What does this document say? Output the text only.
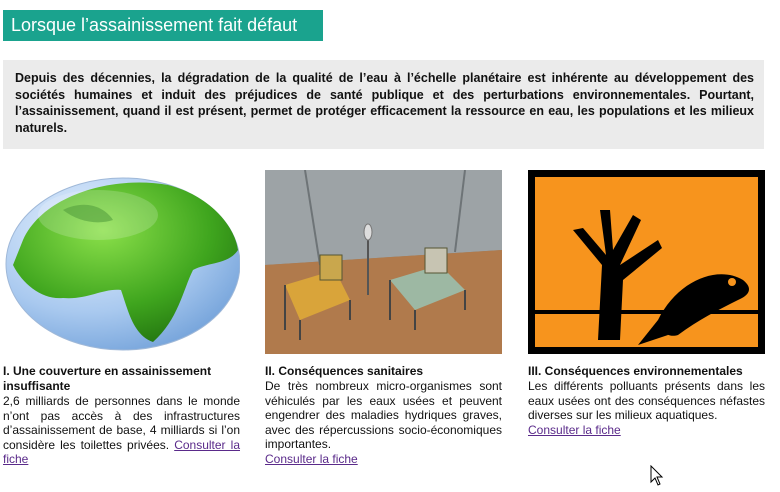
Lorsque l’assainissement fait défaut
Depuis des décennies, la dégradation de la qualité de l’eau à l’échelle planétaire est inhérente au développement des sociétés humaines et induit des préjudices de santé publique et des perturbations environnementales. Pourtant, l’assainissement, quand il est présent, permet de protéger efficacement la ressource en eau, les populations et les milieux naturels.
I. Une couverture en assainissement insuffisante

2,6 milliards de personnes dans le monde n’ont pas accès à des infrastructures d’assainissement de base, 4 milliards si l’on considère les toilettes privées. Consulter la fiche

II. Conséquences sanitaires

De très nombreux micro-organismes sont véhiculés par les eaux usées et peuvent engendrer des maladies hydriques graves, avec des répercussions socio-économiques importantes.
Consulter la fiche

III. Conséquences environnementales

Les différents polluants présents dans les eaux usées ont des conséquences néfastes diverses sur les milieux aquatiques.
Consulter la fiche
